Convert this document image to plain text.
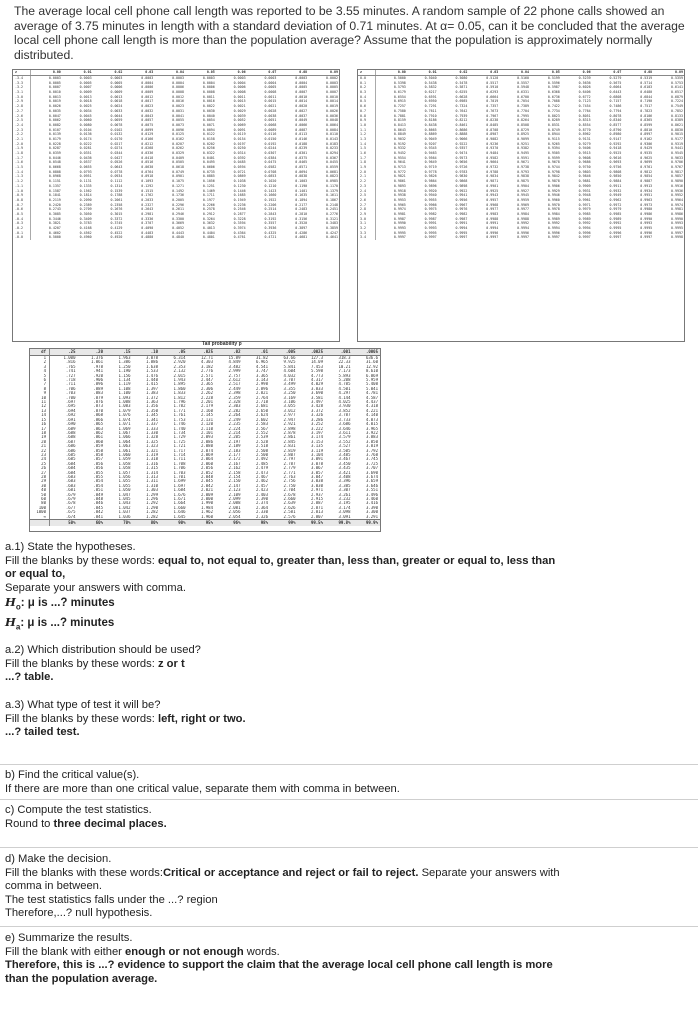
The average local cell phone call length was reported to be 3.55 minutes. A random sample of 22 phone calls showed an average of 3.75 minutes in length with a standard deviation of 0.71 minutes. At α= 0.05, can it be concluded that the average local cell phone call length is more than the population average? Assume that the population is approximately normally distributed.

z	0.00	0.01	0.02	0.03	0.04	0.05	0.06	0.07	0.08	0.09
-3.4	0.0003	0.0003	0.0003	0.0003	0.0003	0.0003	0.0003	0.0003	0.0003	0.0002
-3.3	0.0005	0.0005	0.0005	0.0004	0.0004	0.0004	0.0004	0.0004	0.0004	0.0003
-3.2	0.0007	0.0007	0.0006	0.0006	0.0006	0.0006	0.0006	0.0005	0.0005	0.0005
-3.1	0.0010	0.0009	0.0009	0.0009	0.0008	0.0008	0.0008	0.0008	0.0007	0.0007
-3.0	0.0013	0.0013	0.0013	0.0012	0.0012	0.0011	0.0011	0.0011	0.0010	0.0010
-2.9	0.0019	0.0018	0.0018	0.0017	0.0016	0.0016	0.0015	0.0015	0.0014	0.0014
-2.8	0.0026	0.0025	0.0024	0.0023	0.0023	0.0022	0.0021	0.0021	0.0020	0.0019
-2.7	0.0035	0.0034	0.0033	0.0032	0.0031	0.0030	0.0029	0.0028	0.0027	0.0026
-2.6	0.0047	0.0045	0.0044	0.0043	0.0041	0.0040	0.0039	0.0038	0.0037	0.0036
-2.5	0.0062	0.0060	0.0059	0.0057	0.0055	0.0054	0.0052	0.0051	0.0049	0.0048
-2.4	0.0082	0.0080	0.0078	0.0075	0.0073	0.0071	0.0069	0.0068	0.0066	0.0064
-2.3	0.0107	0.0104	0.0102	0.0099	0.0096	0.0094	0.0091	0.0089	0.0087	0.0084
-2.2	0.0139	0.0136	0.0132	0.0129	0.0125	0.0122	0.0119	0.0116	0.0113	0.0110
-2.1	0.0179	0.0174	0.0170	0.0166	0.0162	0.0158	0.0154	0.0150	0.0146	0.0143
-2.0	0.0228	0.0222	0.0217	0.0212	0.0207	0.0202	0.0197	0.0192	0.0188	0.0183
-1.9	0.0287	0.0281	0.0274	0.0268	0.0262	0.0256	0.0250	0.0244	0.0239	0.0233
-1.8	0.0359	0.0351	0.0344	0.0336	0.0329	0.0322	0.0314	0.0307	0.0301	0.0294
-1.7	0.0446	0.0436	0.0427	0.0418	0.0409	0.0401	0.0392	0.0384	0.0375	0.0367
-1.6	0.0548	0.0537	0.0526	0.0516	0.0505	0.0495	0.0485	0.0475	0.0465	0.0455
-1.5	0.0668	0.0655	0.0643	0.0630	0.0618	0.0606	0.0594	0.0582	0.0571	0.0559
-1.4	0.0808	0.0793	0.0778	0.0764	0.0749	0.0735	0.0721	0.0708	0.0694	0.0681
-1.3	0.0968	0.0951	0.0934	0.0918	0.0901	0.0885	0.0869	0.0853	0.0838	0.0823
-1.2	0.1151	0.1131	0.1112	0.1093	0.1075	0.1056	0.1038	0.1020	0.1003	0.0985
-1.1	0.1357	0.1335	0.1314	0.1292	0.1271	0.1251	0.1230	0.1210	0.1190	0.1170
-1.0	0.1587	0.1562	0.1539	0.1515	0.1492	0.1469	0.1446	0.1423	0.1401	0.1379
-0.9	0.1841	0.1814	0.1788	0.1762	0.1736	0.1711	0.1685	0.1660	0.1635	0.1611
-0.8	0.2119	0.2090	0.2061	0.2033	0.2005	0.1977	0.1949	0.1922	0.1894	0.1867
-0.7	0.2420	0.2389	0.2358	0.2327	0.2296	0.2266	0.2236	0.2206	0.2177	0.2148
-0.6	0.2743	0.2709	0.2676	0.2643	0.2611	0.2578	0.2546	0.2514	0.2483	0.2451
-0.5	0.3085	0.3050	0.3015	0.2981	0.2946	0.2912	0.2877	0.2843	0.2810	0.2776
-0.4	0.3446	0.3409	0.3372	0.3336	0.3300	0.3264	0.3228	0.3192	0.3156	0.3121
-0.3	0.3821	0.3783	0.3745	0.3707	0.3669	0.3632	0.3594	0.3557	0.3520	0.3483
-0.2	0.4207	0.4168	0.4129	0.4090	0.4052	0.4013	0.3974	0.3936	0.3897	0.3859
-0.1	0.4602	0.4562	0.4522	0.4483	0.4443	0.4404	0.4364	0.4325	0.4286	0.4247
-0.0	0.5000	0.4960	0.4920	0.4880	0.4840	0.4801	0.4761	0.4721	0.4681	0.4641
z	0.00	0.01	0.02	0.03	0.04	0.05	0.06	0.07	0.08	0.09
0.0	0.5000	0.5040	0.5080	0.5120	0.5160	0.5199	0.5239	0.5279	0.5319	0.5359
0.1	0.5398	0.5438	0.5478	0.5517	0.5557	0.5596	0.5636	0.5675	0.5714	0.5753
0.2	0.5793	0.5832	0.5871	0.5910	0.5948	0.5987	0.6026	0.6064	0.6103	0.6141
0.3	0.6179	0.6217	0.6255	0.6293	0.6331	0.6368	0.6406	0.6443	0.6480	0.6517
0.4	0.6554	0.6591	0.6628	0.6664	0.6700	0.6736	0.6772	0.6808	0.6844	0.6879
0.5	0.6915	0.6950	0.6985	0.7019	0.7054	0.7088	0.7123	0.7157	0.7190	0.7224
0.6	0.7257	0.7291	0.7324	0.7357	0.7389	0.7422	0.7454	0.7486	0.7517	0.7549
0.7	0.7580	0.7611	0.7642	0.7673	0.7704	0.7734	0.7764	0.7794	0.7823	0.7852
0.8	0.7881	0.7910	0.7939	0.7967	0.7995	0.8023	0.8051	0.8078	0.8106	0.8133
0.9	0.8159	0.8186	0.8212	0.8238	0.8264	0.8289	0.8315	0.8340	0.8365	0.8389
1.0	0.8413	0.8438	0.8461	0.8485	0.8508	0.8531	0.8554	0.8577	0.8599	0.8621
1.1	0.8643	0.8665	0.8686	0.8708	0.8729	0.8749	0.8770	0.8790	0.8810	0.8830
1.2	0.8849	0.8869	0.8888	0.8907	0.8925	0.8944	0.8962	0.8980	0.8997	0.9015
1.3	0.9032	0.9049	0.9066	0.9082	0.9099	0.9115	0.9131	0.9147	0.9162	0.9177
1.4	0.9192	0.9207	0.9222	0.9236	0.9251	0.9265	0.9279	0.9292	0.9306	0.9319
1.5	0.9332	0.9345	0.9357	0.9370	0.9382	0.9394	0.9406	0.9418	0.9429	0.9441
1.6	0.9452	0.9463	0.9474	0.9484	0.9495	0.9505	0.9515	0.9525	0.9535	0.9545
1.7	0.9554	0.9564	0.9573	0.9582	0.9591	0.9599	0.9608	0.9616	0.9625	0.9633
1.8	0.9641	0.9649	0.9656	0.9664	0.9671	0.9678	0.9686	0.9693	0.9699	0.9706
1.9	0.9713	0.9719	0.9726	0.9732	0.9738	0.9744	0.9750	0.9756	0.9761	0.9767
2.0	0.9772	0.9778	0.9783	0.9788	0.9793	0.9798	0.9803	0.9808	0.9812	0.9817
2.1	0.9821	0.9826	0.9830	0.9834	0.9838	0.9842	0.9846	0.9850	0.9854	0.9857
2.2	0.9861	0.9864	0.9868	0.9871	0.9875	0.9878	0.9881	0.9884	0.9887	0.9890
2.3	0.9893	0.9896	0.9898	0.9901	0.9904	0.9906	0.9909	0.9911	0.9913	0.9916
2.4	0.9918	0.9920	0.9922	0.9925	0.9927	0.9929	0.9931	0.9932	0.9934	0.9936
2.5	0.9938	0.9940	0.9941	0.9943	0.9945	0.9946	0.9948	0.9949	0.9951	0.9952
2.6	0.9953	0.9955	0.9956	0.9957	0.9959	0.9960	0.9961	0.9962	0.9963	0.9964
2.7	0.9965	0.9966	0.9967	0.9968	0.9969	0.9970	0.9971	0.9972	0.9973	0.9974
2.8	0.9974	0.9975	0.9976	0.9977	0.9977	0.9978	0.9979	0.9979	0.9980	0.9981
2.9	0.9981	0.9982	0.9982	0.9983	0.9984	0.9984	0.9985	0.9985	0.9986	0.9986
3.0	0.9987	0.9987	0.9987	0.9988	0.9988	0.9989	0.9989	0.9989	0.9990	0.9990
3.1	0.9990	0.9991	0.9991	0.9991	0.9992	0.9992	0.9992	0.9992	0.9993	0.9993
3.2	0.9993	0.9993	0.9994	0.9994	0.9994	0.9994	0.9994	0.9995	0.9995	0.9995
3.3	0.9995	0.9995	0.9995	0.9996	0.9996	0.9996	0.9996	0.9996	0.9996	0.9997
3.4	0.9997	0.9997	0.9997	0.9997	0.9997	0.9997	0.9997	0.9997	0.9997	0.9998
Tail probability p
df	.25	.20	.15	.10	.05	.025	.02	.01	.005	.0025	.001	.0005
1	1.000	1.376	1.963	3.078	6.314	12.71	15.89	31.82	63.66	127.3	318.3	636.6
2	.816	1.061	1.386	1.886	2.920	4.303	4.849	6.965	9.925	14.09	22.33	31.60
3	.765	.978	1.250	1.638	2.353	3.182	3.482	4.541	5.841	7.453	10.21	12.92
4	.741	.941	1.190	1.533	2.132	2.776	2.999	3.747	4.604	5.598	7.173	8.610
5	.727	.920	1.156	1.476	2.015	2.571	2.757	3.365	4.032	4.773	5.893	6.869
6	.718	.906	1.134	1.440	1.943	2.447	2.612	3.143	3.707	4.317	5.208	5.959
7	.711	.896	1.119	1.415	1.895	2.365	2.517	2.998	3.499	4.029	4.785	5.408
8	.706	.889	1.108	1.397	1.860	2.306	2.449	2.896	3.355	3.833	4.501	5.041
9	.703	.883	1.100	1.383	1.833	2.262	2.398	2.821	3.250	3.690	4.297	4.781
10	.700	.879	1.093	1.372	1.812	2.228	2.359	2.764	3.169	3.581	4.144	4.587
11	.697	.876	1.088	1.363	1.796	2.201	2.328	2.718	3.106	3.497	4.025	4.437
12	.695	.873	1.083	1.356	1.782	2.179	2.303	2.681	3.055	3.428	3.930	4.318
13	.694	.870	1.079	1.350	1.771	2.160	2.282	2.650	3.012	3.372	3.852	4.221
14	.692	.868	1.076	1.345	1.761	2.145	2.264	2.624	2.977	3.326	3.787	4.140
15	.691	.866	1.074	1.341	1.753	2.131	2.249	2.602	2.947	3.286	3.733	4.073
16	.690	.865	1.071	1.337	1.746	2.120	2.235	2.583	2.921	3.252	3.686	4.015
17	.689	.863	1.069	1.333	1.740	2.110	2.224	2.567	2.898	3.222	3.646	3.965
18	.688	.862	1.067	1.330	1.734	2.101	2.214	2.552	2.878	3.197	3.611	3.922
19	.688	.861	1.066	1.328	1.729	2.093	2.205	2.539	2.861	3.174	3.579	3.883
20	.687	.860	1.064	1.325	1.725	2.086	2.197	2.528	2.845	3.153	3.552	3.850
21	.686	.859	1.063	1.323	1.721	2.080	2.189	2.518	2.831	3.135	3.527	3.819
22	.686	.858	1.061	1.321	1.717	2.074	2.183	2.508	2.819	3.119	3.505	3.792
23	.685	.858	1.060	1.319	1.714	2.069	2.177	2.500	2.807	3.104	3.485	3.768
24	.685	.857	1.059	1.318	1.711	2.064	2.172	2.492	2.797	3.091	3.467	3.745
25	.684	.856	1.058	1.316	1.708	2.060	2.167	2.485	2.787	3.078	3.450	3.725
26	.684	.856	1.058	1.315	1.706	2.056	2.162	2.479	2.779	3.067	3.435	3.707
27	.684	.855	1.057	1.314	1.703	2.052	2.158	2.473	2.771	3.057	3.421	3.690
28	.683	.855	1.056	1.313	1.701	2.048	2.154	2.467	2.763	3.047	3.408	3.674
29	.683	.854	1.055	1.311	1.699	2.045	2.150	2.462	2.756	3.038	3.396	3.659
30	.683	.854	1.055	1.310	1.697	2.042	2.147	2.457	2.750	3.030	3.385	3.646
40	.681	.851	1.050	1.303	1.684	2.021	2.123	2.423	2.704	2.971	3.307	3.551
50	.679	.849	1.047	1.299	1.676	2.009	2.109	2.403	2.678	2.937	3.261	3.496
60	.679	.848	1.045	1.296	1.671	2.000	2.099	2.390	2.660	2.915	3.232	3.460
80	.678	.846	1.043	1.292	1.664	1.990	2.088	2.374	2.639	2.887	3.195	3.416
100	.677	.845	1.042	1.290	1.660	1.984	2.081	2.364	2.626	2.871	3.174	3.390
1000	.675	.842	1.037	1.282	1.646	1.962	2.056	2.330	2.581	2.813	3.098	3.300
∞	.674	.841	1.036	1.282	1.645	1.960	2.054	2.326	2.576	2.807	3.091	3.291
50%	60%	70%	80%	90%	95%	96%	98%	99%	99.5%	99.8%	99.9%

a.1) State the hypotheses.

Fill the blanks by these words: equal to, not equal to, greater than, less than, greater or equal to, less than

or equal to,

Separate your answers with comma.

$H_o$: μ is ...? minutes

$H_a$: μ is ...? minutes

a.2) Which distribution should be used?

Fill the blanks by these words: z or t

...? table.

a.3) What type of test it will be?

Fill the blanks by these words: left, right or two.

...? tailed test.

b) Find the critical value(s).

If there are more than one critical value, separate them with comma in between.

c) Compute the test statistics.

Round to three decimal places.

d) Make the decision.

Fill the blanks with these words:Critical or acceptance and reject or fail to reject. Separate your answers with

comma in between.

The test statistics falls under the ...? region

Therefore,...? null hypothesis.

e) Summarize the results.

Fill the blank with either enough or not enough words.

Therefore, this is ...? evidence to support the claim that the average local cell phone call length is more

than the population average.
